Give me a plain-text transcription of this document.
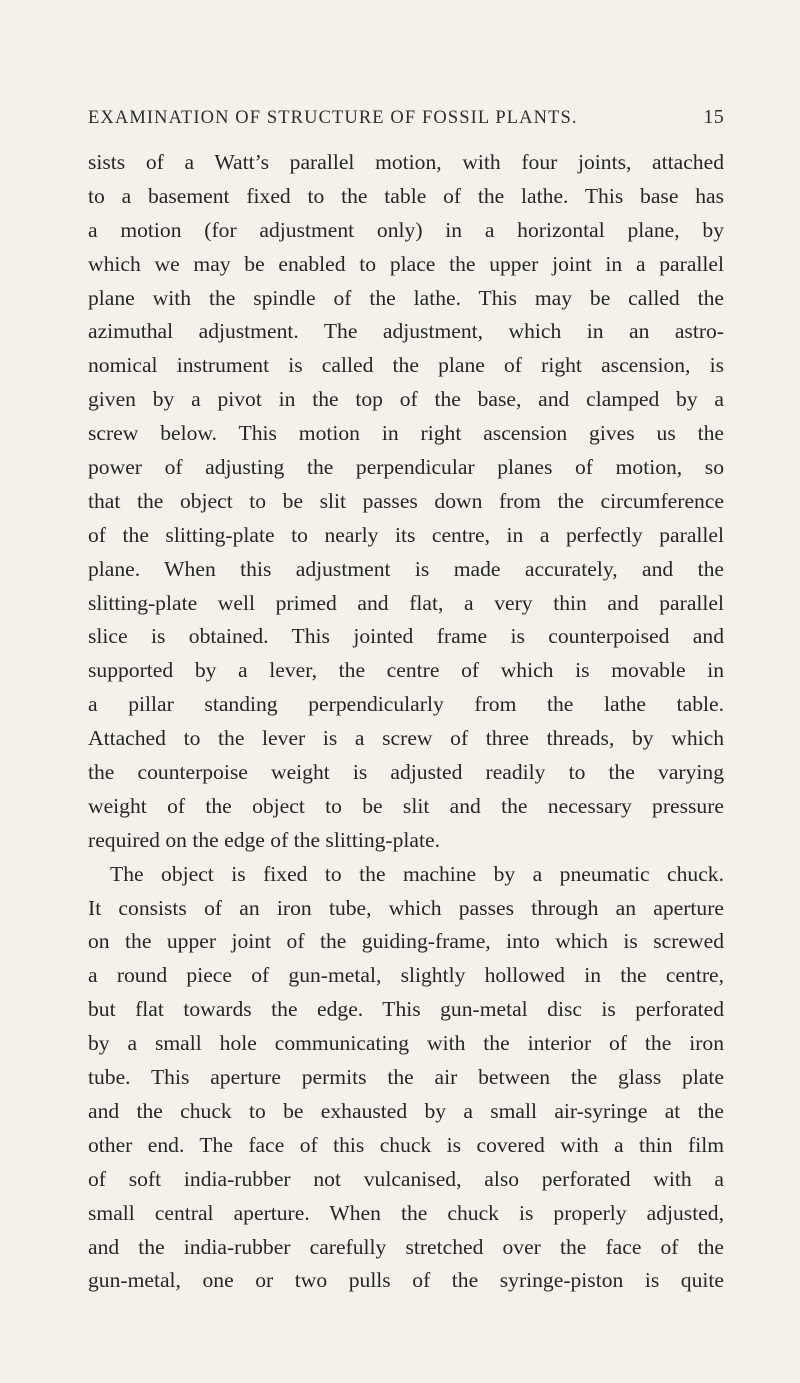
EXAMINATION OF STRUCTURE OF FOSSIL PLANTS.	15
sists of a Watt’s parallel motion, with four joints, attached
to a basement fixed to the table of the lathe. This base has
a motion (for adjustment only) in a horizontal plane, by
which we may be enabled to place the upper joint in a parallel
plane with the spindle of the lathe. This may be called the
azimuthal adjustment. The adjustment, which in an astro-
nomical instrument is called the plane of right ascension, is
given by a pivot in the top of the base, and clamped by a
screw below. This motion in right ascension gives us the
power of adjusting the perpendicular planes of motion, so
that the object to be slit passes down from the circumference
of the slitting-plate to nearly its centre, in a perfectly parallel
plane. When this adjustment is made accurately, and the
slitting-plate well primed and flat, a very thin and parallel
slice is obtained. This jointed frame is counterpoised and
supported by a lever, the centre of which is movable in
a pillar standing perpendicularly from the lathe table.
Attached to the lever is a screw of three threads, by which
the counterpoise weight is adjusted readily to the varying
weight of the object to be slit and the necessary pressure
required on the edge of the slitting-plate.
The object is fixed to the machine by a pneumatic chuck.
It consists of an iron tube, which passes through an aperture
on the upper joint of the guiding-frame, into which is screwed
a round piece of gun-metal, slightly hollowed in the centre,
but flat towards the edge. This gun-metal disc is perforated
by a small hole communicating with the interior of the iron
tube. This aperture permits the air between the glass plate
and the chuck to be exhausted by a small air-syringe at the
other end. The face of this chuck is covered with a thin film
of soft india-rubber not vulcanised, also perforated with a
small central aperture. When the chuck is properly adjusted,
and the india-rubber carefully stretched over the face of the
gun-metal, one or two pulls of the syringe-piston is quite
